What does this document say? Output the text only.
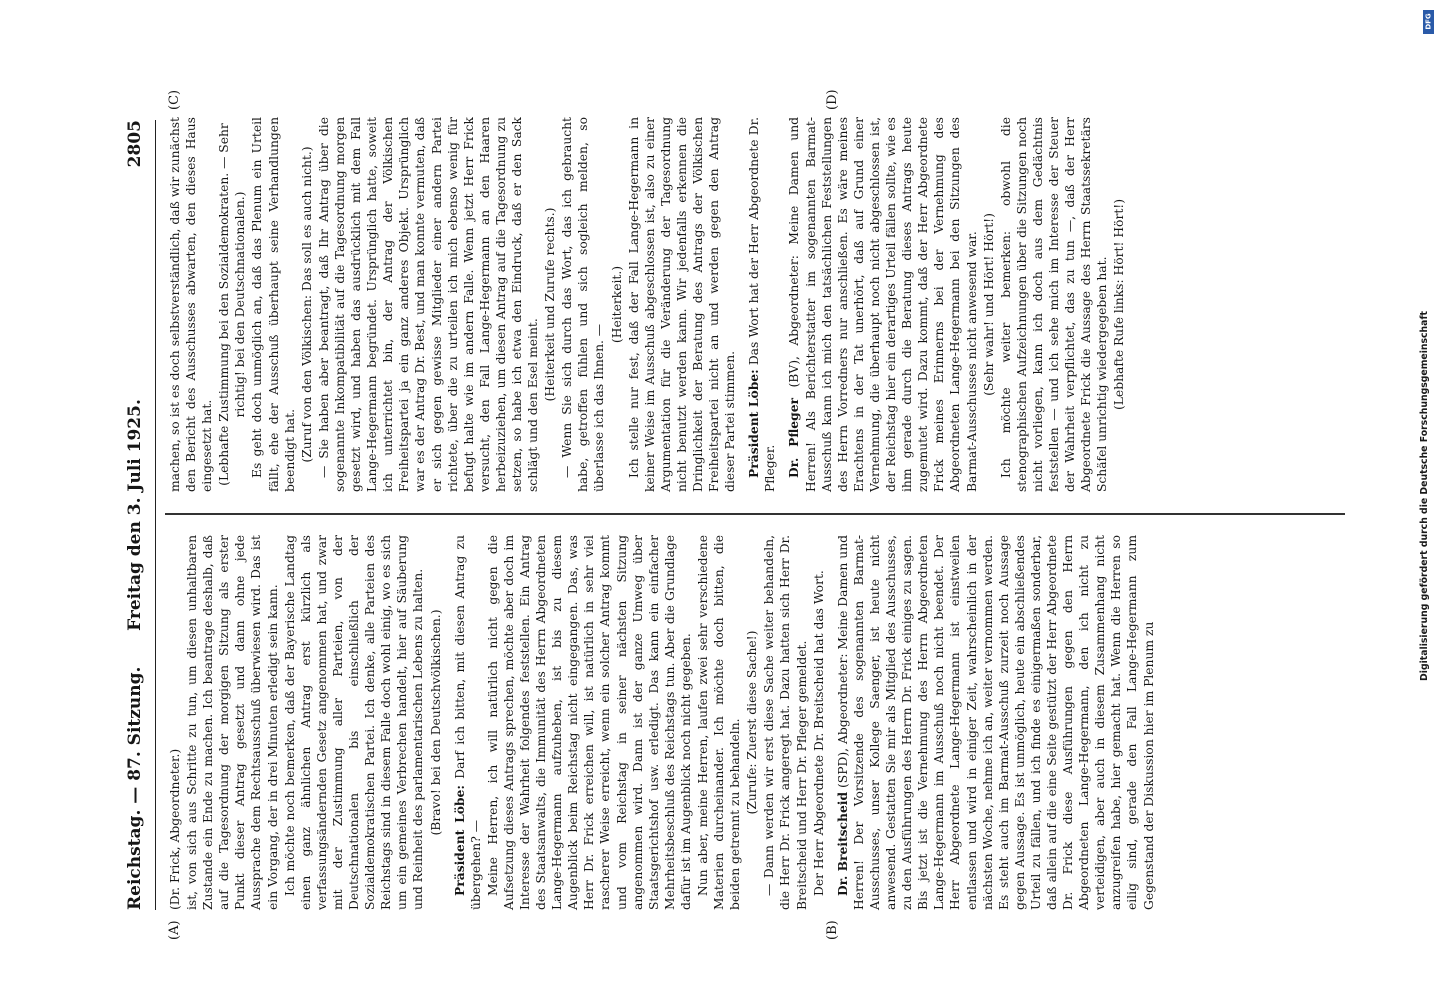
Reichstag. — 87. Sitzung.
Freitag den 3. Juli 1925.
2805
(A)	(B)
(C)	(D)

(Dr. Frick, Abgeordneter.) ist, von sich aus Schritte zu tun, um diesen unhaltbaren Zustande ein Ende zu machen. Ich beantrage deshalb, daß auf die Tagesordnung der morgigen Sitzung als erster Punkt dieser Antrag gesetzt und dann ohne jede Aussprache dem Rechtsausschuß überwiesen wird. Das ist ein Vorgang, der in drei Minuten erledigt sein kann. Ich möchte noch bemerken, daß der Bayerische Landtag einen ganz ähnlichen Antrag erst kürzlich als verfassungsändernden Gesetz angenommen hat, und zwar mit der Zustimmung aller Parteien, von der Deutschnationalen bis einschließlich der Sozialdemokratischen Partei. Ich denke, alle Parteien des Reichstags sind in diesem Falle doch wohl einig, wo es sich um ein gemeines Verbrechen handelt, hier auf Säuberung und Reinheit des parlamentarischen Lebens zu halten. (Bravo! bei den Deutschvölkischen.)

Präsident Löbe: Darf ich bitten, mit diesen Antrag zu übergehen? — Meine Herren, ich will natürlich nicht gegen die Aufsetzung dieses Antrags sprechen, möchte aber doch im Interesse der Wahrheit folgendes feststellen. Ein Antrag des Staatsanwalts, die Immunität des Herrn Abgeordneten Lange-Hegermann aufzuheben, ist bis zu diesem Augenblick beim Reichstag nicht eingegangen. Das, was Herr Dr. Frick erreichen will, ist natürlich in sehr viel rascherer Weise erreicht, wenn ein solcher Antrag kommt und vom Reichstag in seiner nächsten Sitzung angenommen wird. Dann ist der ganze Umweg über Staatsgerichtshof usw. erledigt. Das kann ein einfacher Mehrheitsbeschluß des Reichstags tun. Aber die Grundlage dafür ist im Augenblick noch nicht gegeben. Nun aber, meine Herren, laufen zwei sehr verschiedene Materien durcheinander. Ich möchte doch bitten, die beiden getrennt zu behandeln. (Zurufe: Zuerst diese Sache!) — Dann werden wir erst diese Sache weiter behandeln, die Herr Dr. Frick angeregt hat. Dazu hatten sich Herr Dr. Breitscheid und Herr Dr. Pfleger gemeldet. Der Herr Abgeordnete Dr. Breitscheid hat das Wort. Dr. Breitscheid (SPD), Abgeordneter: Meine Damen und Herren! Der Vorsitzende des sogenannten Barmat-Ausschusses, unser Kollege Saenger, ist heute nicht anwesend. Gestatten Sie mir als Mitglied des Ausschusses, zu den Ausführungen des Herrn Dr. Frick einiges zu sagen. Bis jetzt ist die Vernehmung des Herrn Abgeordneten Lange-Hegermann im Ausschuß noch nicht beendet. Der Herr Abgeordnete Lange-Hegermann ist einstweilen entlassen und wird in einiger Zeit, wahrscheinlich in der nächsten Woche, nehme ich an, weiter vernommen werden. Es steht auch im Barmat-Ausschuß zurzeit noch Aussage gegen Aussage. Es ist unmöglich, heute ein abschließendes Urteil zu fällen, und ich finde es einigermaßen sonderbar, daß allein auf die eine Seite gestützt der Herr Abgeordnete Dr. Frick diese Ausführungen gegen den Herrn Abgeordneten Lange-Hegermann, den ich nicht zu verteidigen, aber auch in diesem Zusammenhang nicht anzugreifen habe, hier gemacht hat. Wenn die Herren so eilig sind, gerade den Fall Lange-Hegermann zum Gegenstand der Diskussion hier im Plenum zu

machen, so ist es doch selbstverständlich, daß wir zunächst den Bericht des Ausschusses abwarten, den dieses Haus eingesetzt hat. (Lebhafte Zustimmung bei den Sozialdemokraten. — Sehr richtig! bei den Deutschnationalen.) Es geht doch unmöglich an, daß das Plenum ein Urteil fällt, ehe der Ausschuß überhaupt seine Verhandlungen beendigt hat. (Zuruf von den Völkischen: Das soll es auch nicht.) — Sie haben aber beantragt, daß Ihr Antrag über die sogenannte Inkompatibilität auf die Tagesordnung morgen gesetzt wird, und haben das ausdrücklich mit dem Fall Lange-Hegermann begründet. Ursprünglich hatte, soweit ich unterrichtet bin, der Antrag der Völkischen Freiheitspartei ja ein ganz anderes Objekt. Ursprünglich war es der Antrag Dr. Best, und man konnte vermuten, daß er sich gegen gewisse Mitglieder einer andern Partei richtete, über die zu urteilen ich mich ebenso wenig für befugt halte wie im andern Falle. Wenn jetzt Herr Frick versucht, den Fall Lange-Hegermann an den Haaren herbeizuziehen, um diesen Antrag auf die Tagesordnung zu setzen, so habe ich etwa den Eindruck, daß er den Sack schlägt und den Esel meint.

(Heiterkeit und Zurufe rechts.) — Wenn Sie sich durch das Wort, das ich gebraucht habe, getroffen fühlen und sich sogleich melden, so überlasse ich das Ihnen. —

(Heiterkeit.) Ich stelle nur fest, daß der Fall Lange-Hegermann in keiner Weise im Ausschuß abgeschlossen ist, also zu einer Argumentation für die Veränderung der Tagesordnung nicht benutzt werden kann. Wir jedenfalls erkennen die Dringlichkeit der Beratung des Antrags der Völkischen Freiheitspartei nicht an und werden gegen den Antrag dieser Partei stimmen. Präsident Löbe: Das Wort hat der Herr Abgeordnete Dr. Pfleger. Dr. Pfleger (BV), Abgeordneter: Meine Damen und Herren! Als Berichterstatter im sogenannten Barmat-Ausschuß kann ich mich den tatsächlichen Feststellungen des Herrn Vorredners nur anschließen. Es wäre meines Erachtens in der Tat unerhört, daß auf Grund einer Vernehmung, die überhaupt noch nicht abgeschlossen ist, der Reichstag hier ein derartiges Urteil fällen sollte, wie es ihm gerade durch die Beratung dieses Antrags heute zugemutet wird. Dazu kommt, daß der Herr Abgeordnete Frick meines Erinnerns bei der Vernehmung des Abgeordneten Lange-Hegermann bei den Sitzungen des Barmat-Ausschusses nicht anwesend war. (Sehr wahr! und Hört! Hört!) Ich möchte weiter bemerken: obwohl die stenographischen Aufzeichnungen über die Sitzungen noch nicht vorliegen, kann ich doch aus dem Gedächtnis feststellen — und ich sehe mich im Interesse der Steuer der Wahrheit verpflichtet, das zu tun —, daß der Herr Abgeordnete Frick die Aussage des Herrn Staatssekretärs Schäfel unrichtig wiedergegeben hat. (Lebhafte Rufe links: Hört! Hört!)

DFG
Digitalisierung gefördert durch die Deutsche Forschungsgemeinschaft
